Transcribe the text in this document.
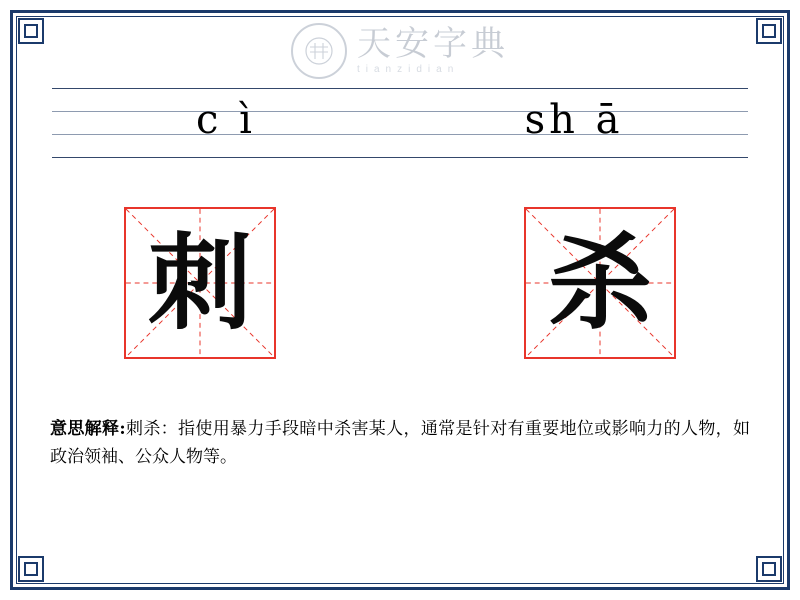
天安字典
tianzidian
c ì	sh ā
刺	杀
意思解释:刺杀：指使用暴力手段暗中杀害某人，通常是针对有重要地位或影响力的人物，如政治领袖、公众人物等。
